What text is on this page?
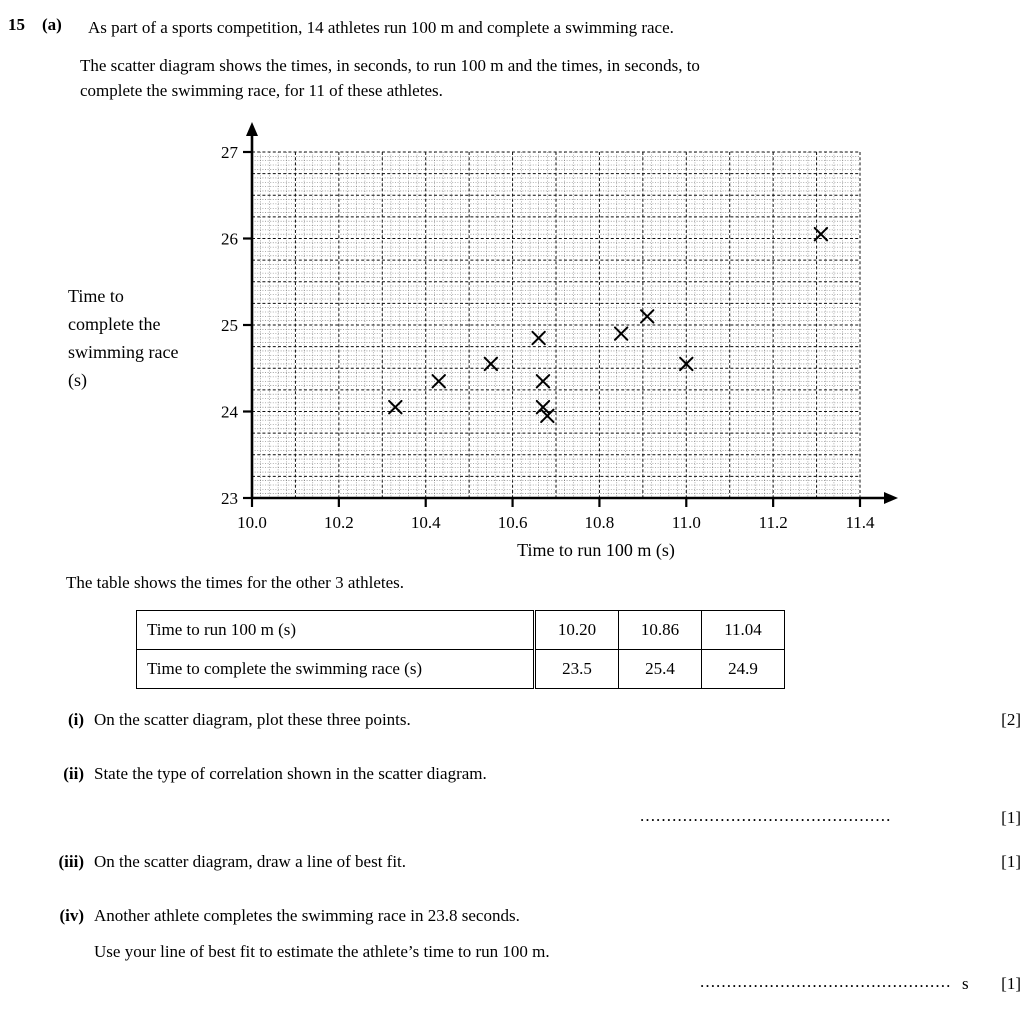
15 (a) As part of a sports competition, 14 athletes run 100 m and complete a swimming race.
The scatter diagram shows the times, in seconds, to run 100 m and the times, in seconds, to
complete the swimming race, for 11 of these athletes.
10.0	10.2	10.4	10.6	10.8	11.0	11.2	11.4
23
24
25
26
27
Time to run 100 m (s)
Time to
complete the
swimming race
(s)
The table shows the times for the other 3 athletes.
Time to run 100 m (s)	10.20	10.86	11.04
Time to complete the swimming race (s)	23.5	25.4	24.9
(i) On the scatter diagram, plot these three points.	[2]
(ii) State the type of correlation shown in the scatter diagram.
...............................................	[1]
(iii) On the scatter diagram, draw a line of best fit.	[1]
(iv) Another athlete completes the swimming race in 23.8 seconds.
Use your line of best fit to estimate the athlete’s time to run 100 m.
............................................... s [1]
